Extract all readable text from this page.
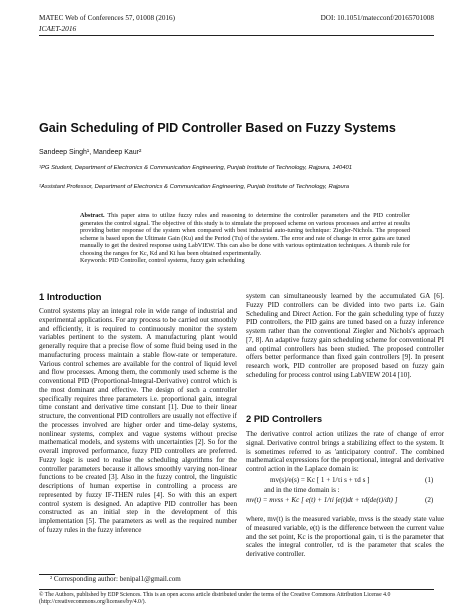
MATEC Web of Conferences 57, 01008 (2016)	DOI: 10.1051/matecconf/20165701008
ICAET-2016
Gain Scheduling of PID Controller Based on Fuzzy Systems
Sandeep Singh¹, Mandeep Kaur²
¹PG Student, Department of Electronics & Communication Engineering, Punjab Institute of Technology, Rajpura, 140401
²Assistant Professor, Department of Electronics & Communication Engineering, Punjab Institute of Technology, Rajpura
Abstract. This paper aims to utilize fuzzy rules and reasoning to determine the controller parameters and the PID controller generates the control signal. The objective of this study is to simulate the proposed scheme on various processes and arrive at results providing better response of the system when compared with best industrial auto-tuning technique: Ziegler-Nichols. The proposed scheme is based upon the Ultimate Gain (Ku) and the Period (Tu) of the system. The error and rate of change in error gains are tuned manually to get the desired response using LabVIEW. This can also be done with various optimization techniques. A thumb rule for choosing the ranges for Kc, Kd and Ki has been obtained experimentally.
Keywords: PID Controller, control systems, fuzzy gain scheduling
1 Introduction
Control systems play an integral role in wide range of industrial and experimental applications. For any process to be carried out smoothly and efficiently, it is required to continuously monitor the system variables pertinent to the system. A manufacturing plant would generally require that a precise flow of some fluid being used in the manufacturing process maintain a stable flow-rate or temperature. Various control schemes are available for the control of liquid level and flow processes. Among them, the commonly used scheme is the conventional PID (Proportional-Integral-Derivative) control which is the most dominant and effective. The design of such a controller specifically requires three parameters i.e. proportional gain, integral time constant and derivative time constant [1]. Due to their linear structure, the conventional PID controllers are usually not effective if the processes involved are higher order and time-delay systems, nonlinear systems, complex and vague systems without precise mathematical models, and systems with uncertainties [2]. So for the overall improved performance, fuzzy PID controllers are preferred. Fuzzy logic is used to realise the scheduling algorithms for the controller parameters because it allows smoothly varying non-linear functions to be created [3]. Also in the fuzzy control, the linguistic descriptions of human expertise in controlling a process are represented by fuzzy IF-THEN rules [4]. So with this an expert control system is designed. An adaptive PID controller has been constructed as an initial step in the development of this implementation [5]. The parameters as well as the required number of fuzzy rules in the fuzzy inference
system can simultaneously learned by the accumulated GA [6]. Fuzzy PID controllers can be divided into two parts i.e. Gain Scheduling and Direct Action. For the gain scheduling type of fuzzy PID controllers, the PID gains are tuned based on a fuzzy inference system rather than the conventional Ziegler and Nichols's approach [7, 8]. An adaptive fuzzy gain scheduling scheme for conventional PI and optimal controllers has been studied. The proposed controller offers better performance than fixed gain controllers [9]. In present research work, PID controller are proposed based on fuzzy gain scheduling for process control using LabVIEW 2014 [10].
2 PID Controllers
The derivative control action utilizes the rate of change of error signal. Derivative control brings a stabilizing effect to the system. It is sometimes referred to as 'anticipatory control'. The combined mathematical expressions for the proportional, integral and derivative control action in the Laplace domain is:
mv(s)/e(s) = Kc [ 1 + 1/τi s + τd s ]	(1)
and in the time domain is :
mv(t) = mvss + Kc [ e(t) + 1/τi ∫e(t)dt + τd(de(t)/dt) ]	(2)
where, mv(t) is the measured variable, mvss is the steady state value of measured variable, e(t) is the difference between the current value and the set point, Kc is the proportional gain, τi is the parameter that scales the integral controller, τd is the parameter that scales the derivative controller.
² Corresponding author: benipal1@gmail.com
© The Authors, published by EDP Sciences. This is an open access article distributed under the terms of the Creative Commons Attribution License 4.0 (http://creativecommons.org/licenses/by/4.0/).
